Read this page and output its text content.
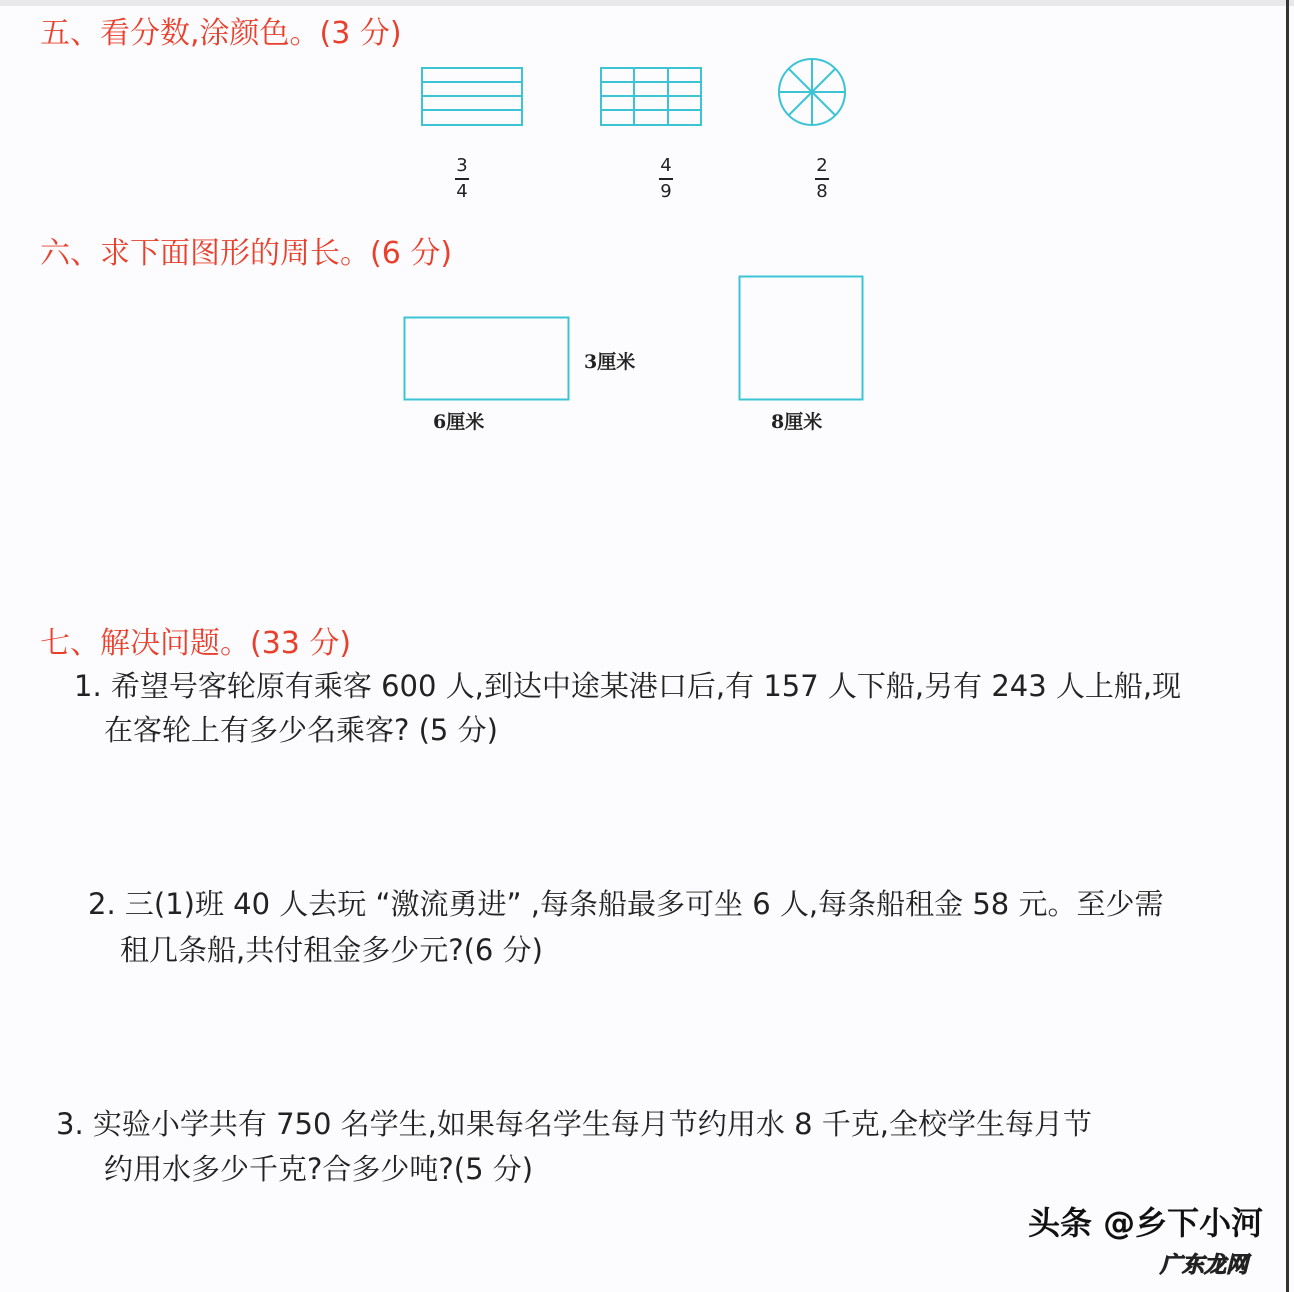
五、看分数,涂颜色。(3 分)
3
4
4
9
2
8
六、求下面图形的周长。(6 分)
3厘米
6厘米	8厘米
七、解决问题。(33 分)
1. 希望号客轮原有乘客 600 人,到达中途某港口后,有 157 人下船,另有 243 人上船,现
在客轮上有多少名乘客? (5 分)
2. 三(1)班 40 人去玩 “激流勇进” ,每条船最多可坐 6 人,每条船租金 58 元。至少需
租几条船,共付租金多少元?(6 分)
3. 实验小学共有 750 名学生,如果每名学生每月节约用水 8 千克,全校学生每月节
约用水多少千克?合多少吨?(5 分)
头条 @乡下小河
广东龙网
